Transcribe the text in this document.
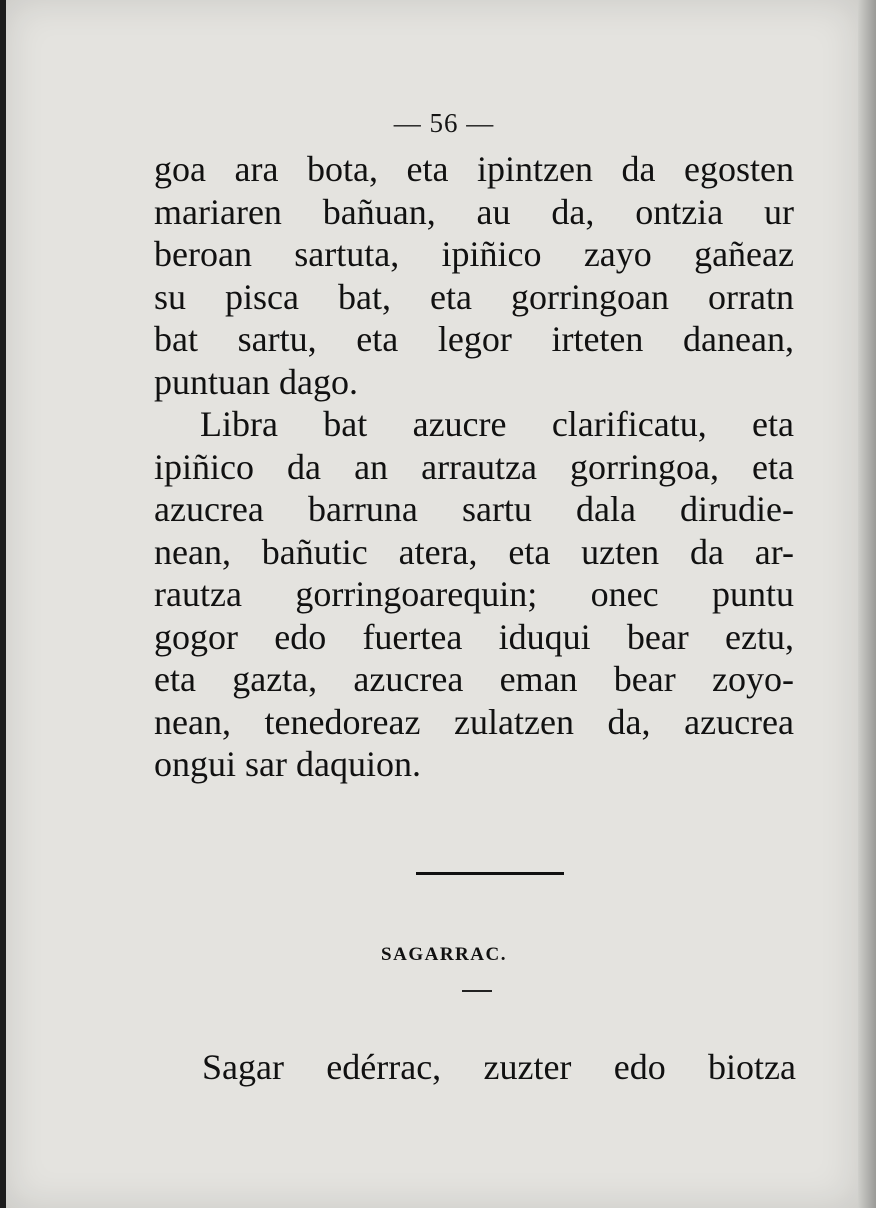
— 56 —
goa ara bota, eta ipintzen da egosten
mariaren bañuan, au da, ontzia ur
beroan sartuta, ipiñico zayo gañeaz
su pisca bat, eta gorringoan orratn
bat sartu, eta legor irteten danean,
puntuan dago.
Libra bat azucre clarificatu, eta
ipiñico da an arrautza gorringoa, eta
azucrea barruna sartu dala dirudie-
nean, bañutic atera, eta uzten da ar-
rautza gorringoarequin; onec puntu
gogor edo fuertea iduqui bear eztu,
eta gazta, azucrea eman bear zoyo-
nean, tenedoreaz zulatzen da, azucrea
ongui sar daquion.
SAGARRAC.
Sagar edérrac, zuzter edo biotza
